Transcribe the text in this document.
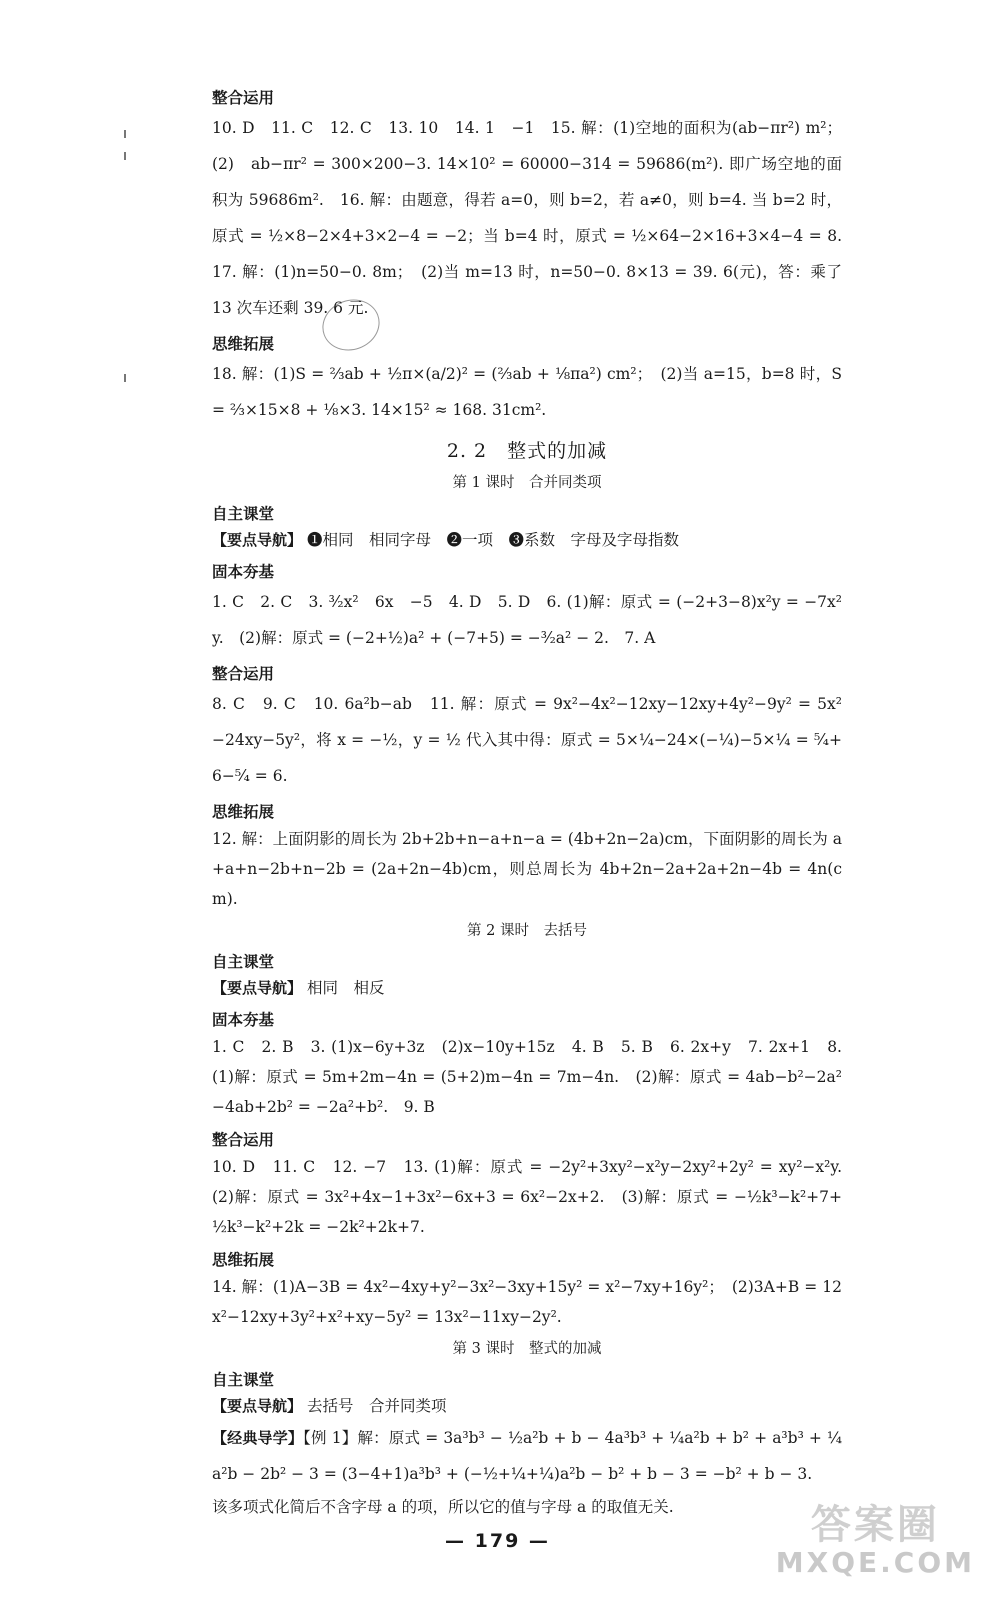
整合运用

10. D　11. C　12. C　13. 10　14. 1　−1　15. 解：(1)空地的面积为(ab−πr²) m²；(2)　ab−πr² = 300×200−3. 14×10² = 60000−314 = 59686(m²). 即广场空地的面积为 59686m².　16. 解：由题意，得若 a=0，则 b=2，若 a≠0，则 b=4. 当 b=2 时，原式 = ½×8−2×4+3×2−4 = −2；当 b=4 时，原式 = ½×64−2×16+3×4−4 = 8.　17. 解：(1)n=50−0. 8m；　(2)当 m=13 时，n=50−0. 8×13 = 39. 6(元)，答：乘了 13 次车还剩 39. 6 元.

思维拓展

18. 解：(1)S = ⅔ab + ½π×(a/2)² = (⅔ab + ⅛πa²) cm²；　(2)当 a=15，b=8 时，S = ⅔×15×8 + ⅛×3. 14×15² ≈ 168. 31cm².

2. 2　整式的加减
第 1 课时　合并同类项
自主课堂
【要点导航】 ❶相同　相同字母　❷一项　❸系数　字母及字母指数
固本夯基

1. C　2. C　3. ³⁄₂x²　6x　−5　4. D　5. D　6. (1)解：原式 = (−2+3−8)x²y = −7x²y.　(2)解：原式 = (−2+½)a² + (−7+5) = −³⁄₂a² − 2.　7. A

整合运用

8. C　9. C　10. 6a²b−ab　11. 解：原式 = 9x²−4x²−12xy−12xy+4y²−9y² = 5x²−24xy−5y²，将 x = −½，y = ½ 代入其中得：原式 = 5×¼−24×(−¼)−5×¼ = ⁵⁄₄+6−⁵⁄₄ = 6.

思维拓展

12. 解：上面阴影的周长为 2b+2b+n−a+n−a = (4b+2n−2a)cm，下面阴影的周长为 a+a+n−2b+n−2b = (2a+2n−4b)cm，则总周长为 4b+2n−2a+2a+2n−4b = 4n(cm).

第 2 课时　去括号
自主课堂
【要点导航】 相同　相反
固本夯基

1. C　2. B　3. (1)x−6y+3z　(2)x−10y+15z　4. B　5. B　6. 2x+y　7. 2x+1　8. (1)解：原式 = 5m+2m−4n = (5+2)m−4n = 7m−4n.　(2)解：原式 = 4ab−b²−2a²−4ab+2b² = −2a²+b².　9. B

整合运用

10. D　11. C　12. −7　13. (1)解：原式 = −2y²+3xy²−x²y−2xy²+2y² = xy²−x²y.　(2)解：原式 = 3x²+4x−1+3x²−6x+3 = 6x²−2x+2.　(3)解：原式 = −½k³−k²+7+½k³−k²+2k = −2k²+2k+7.

思维拓展

14. 解：(1)A−3B = 4x²−4xy+y²−3x²−3xy+15y² = x²−7xy+16y²；　(2)3A+B = 12x²−12xy+3y²+x²+xy−5y² = 13x²−11xy−2y².

第 3 课时　整式的加减
自主课堂
【要点导航】 去括号　合并同类项

【经典导学】【例 1】解：原式 = 3a³b³ − ½a²b + b − 4a³b³ + ¼a²b + b² + a³b³ + ¼a²b − 2b² − 3 = (3−4+1)a³b³ + (−½+¼+¼)a²b − b² + b − 3 = −b² + b − 3.

该多项式化简后不含字母 a 的项，所以它的值与字母 a 的取值无关.

— 179 —	答案圈
MXQE.COM
